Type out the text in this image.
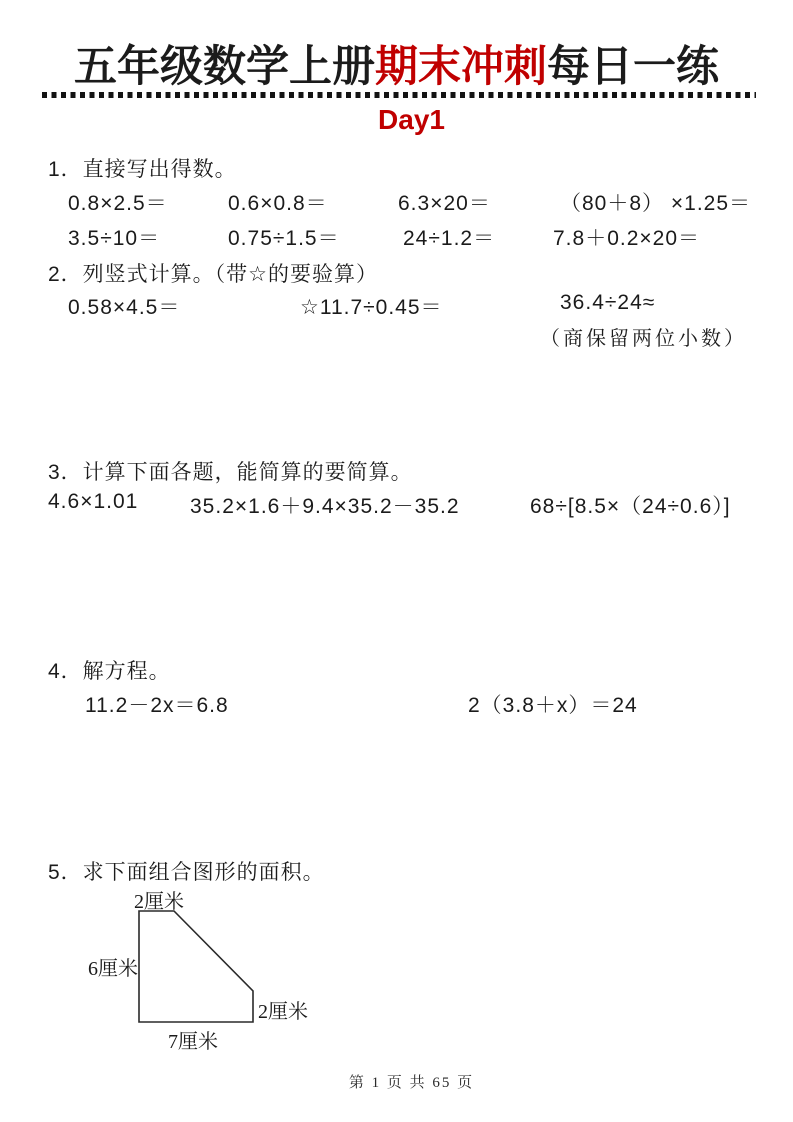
五年级数学上册期末冲刺每日一练
Day1
1．直接写出得数。
0.8×2.5＝	0.6×0.8＝	6.3×20＝	（80＋8） ×1.25＝
3.5÷10＝	0.75÷1.5＝	24÷1.2＝	7.8＋0.2×20＝
2．列竖式计算。（带☆的要验算）
0.58×4.5＝	☆11.7÷0.45＝	36.4÷24≈
（商保留两位小数）
3．计算下面各题，能简算的要简算。
4.6×1.01 35.2×1.6＋9.4×35.2－35.2	68÷[8.5×（24÷0.6）]
4．解方程。
11.2－2x＝6.8	2（3.8＋x）＝24
5．求下面组合图形的面积。
2厘米
6厘米
2厘米
7厘米
第 1 页 共 65 页
